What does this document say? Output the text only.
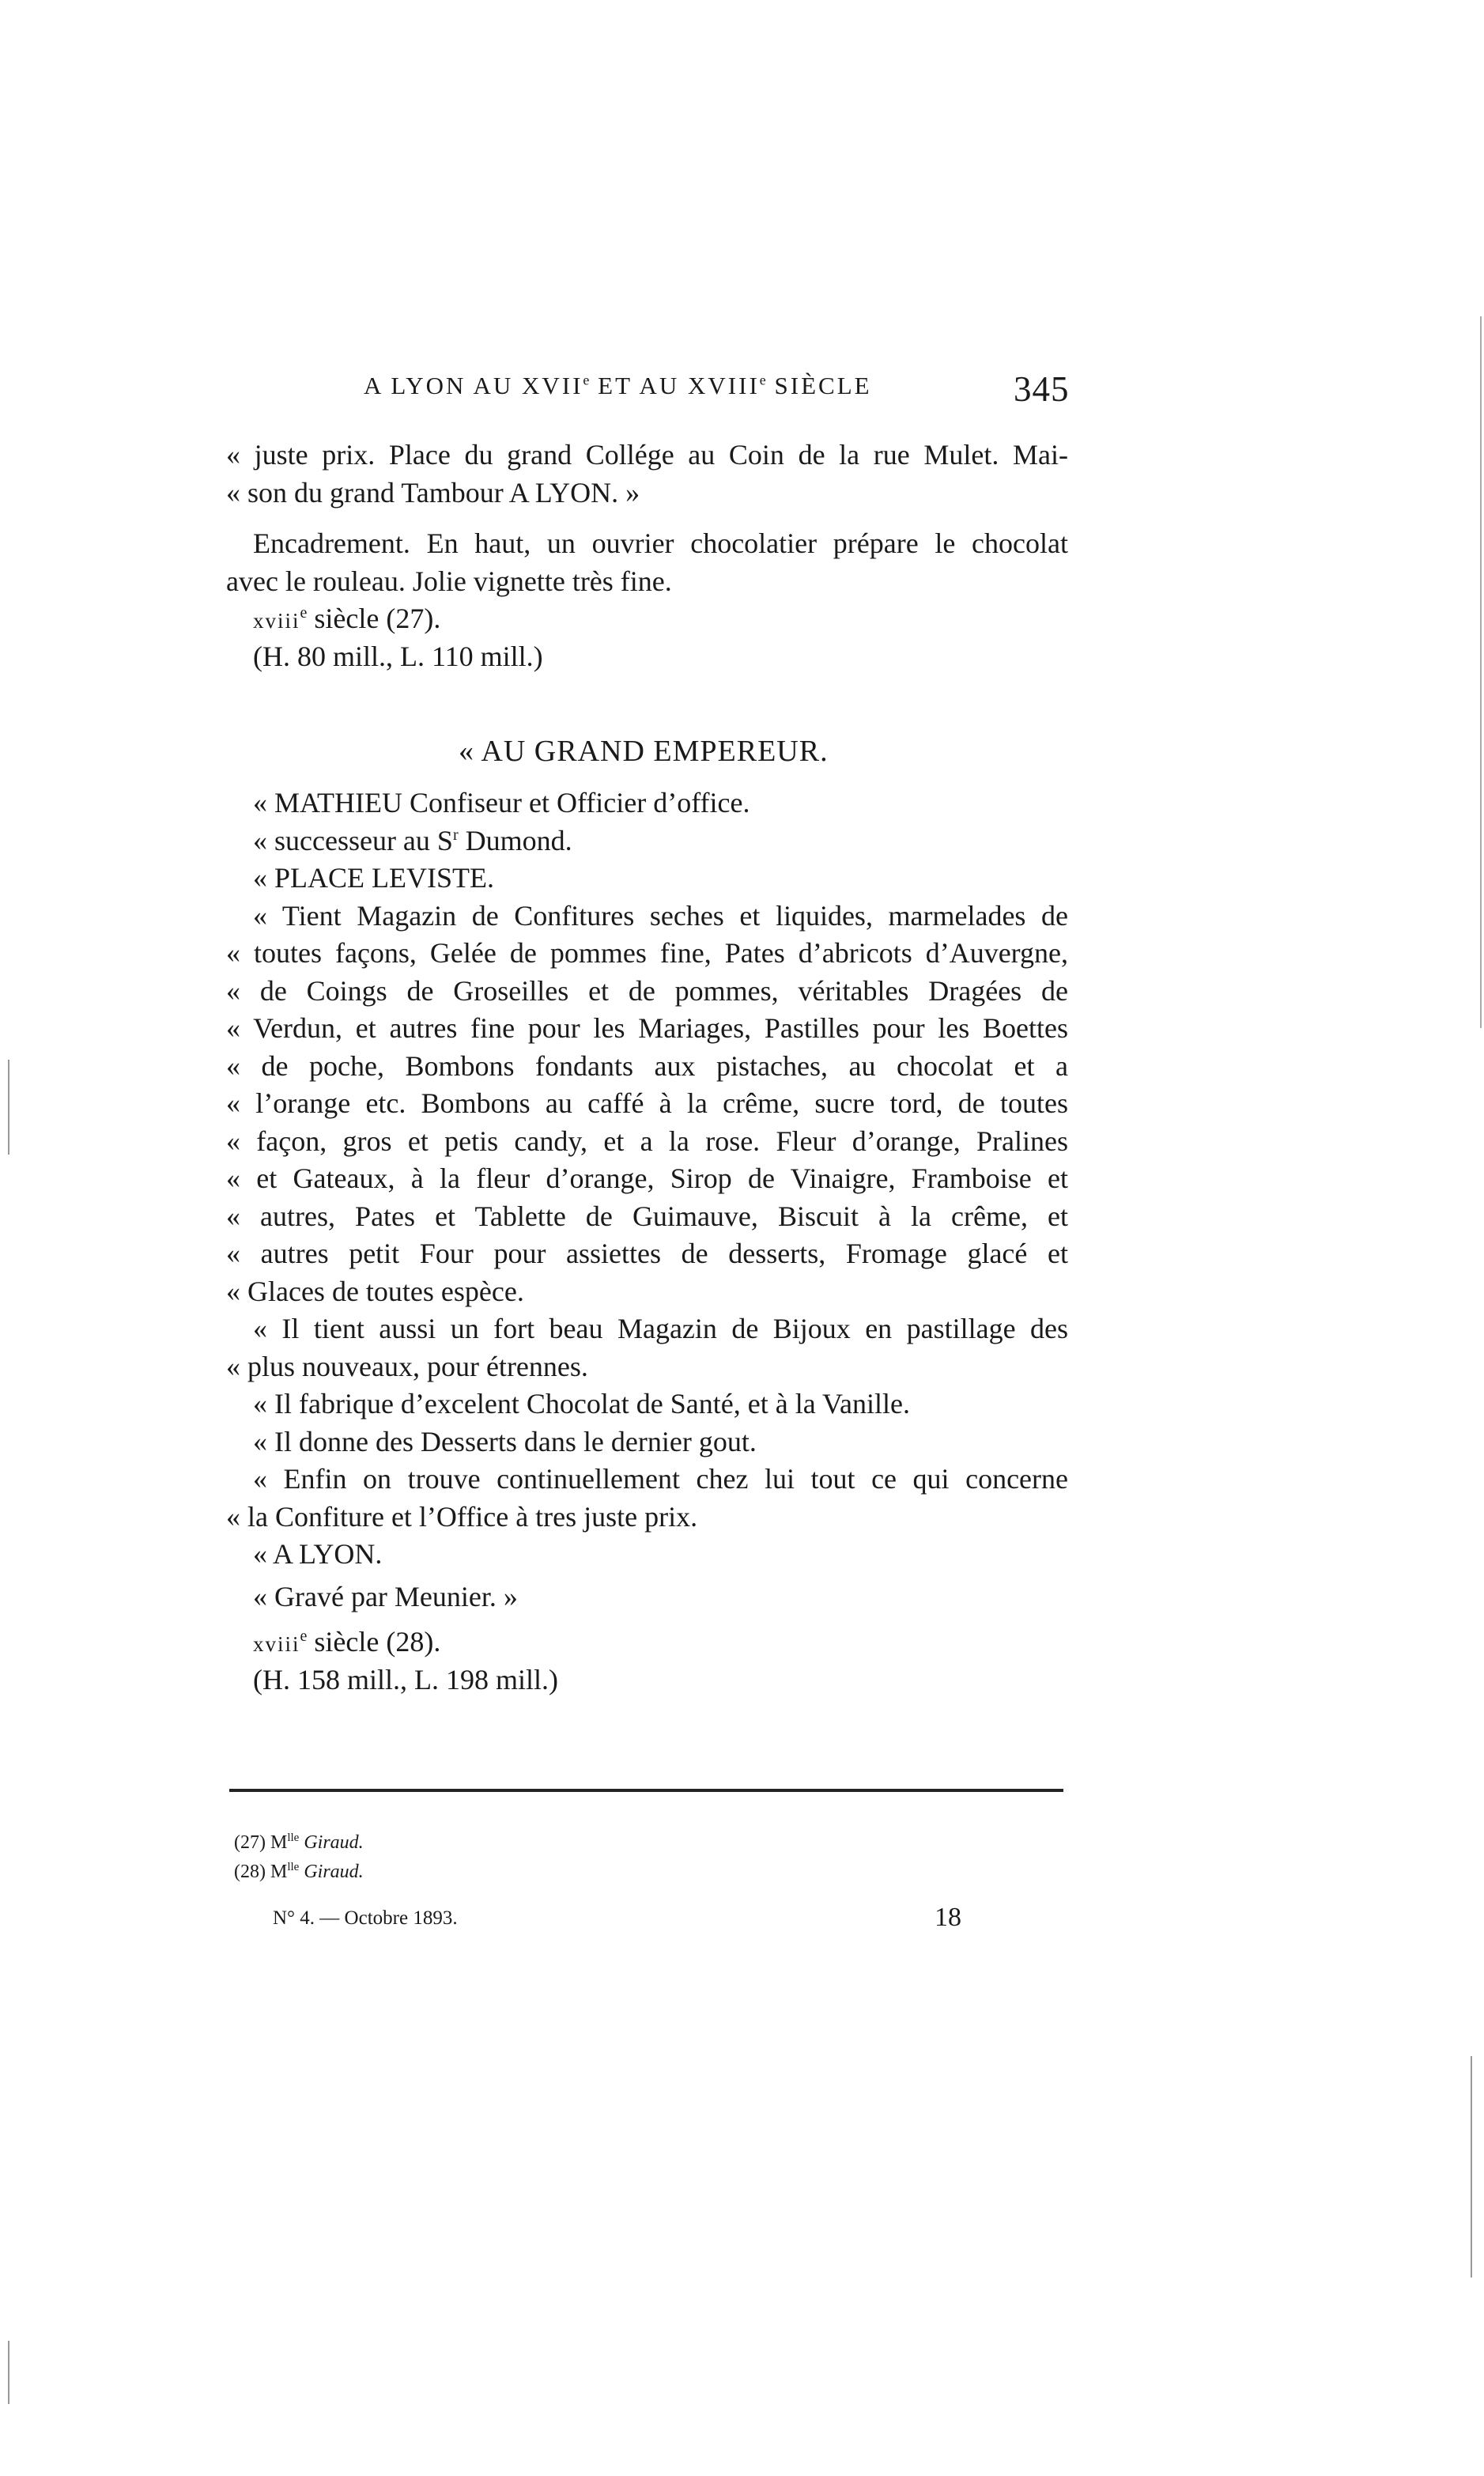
A LYON AU XVIIe ET AU XVIIIe SIÈCLE	345
« juste prix. Place du grand Collége au Coin de la rue Mulet. Mai-
« son du grand Tambour A LYON. »
Encadrement. En haut, un ouvrier chocolatier prépare le chocolat
avec le rouleau. Jolie vignette très fine.
xviii$^e$ siècle (27).
(H. 80 mill., L. 110 mill.)
« AU GRAND EMPEREUR.
« MATHIEU Confiseur et Officier d’office.
« successeur au $S^r$ Dumond.
« PLACE LEVISTE.
« Tient Magazin de Confitures seches et liquides, marmelades de
« toutes façons, Gelée de pommes fine, Pates d’abricots d’Auvergne,
« de Coings de Groseilles et de pommes, véritables Dragées de
« Verdun, et autres fine pour les Mariages, Pastilles pour les Boettes
« de poche, Bombons fondants aux pistaches, au chocolat et a
« l’orange etc. Bombons au caffé à la crême, sucre tord, de toutes
« façon, gros et petis candy, et a la rose. Fleur d’orange, Pralines
« et Gateaux, à la fleur d’orange, Sirop de Vinaigre, Framboise et
« autres, Pates et Tablette de Guimauve, Biscuit à la crême, et
« autres petit Four pour assiettes de desserts, Fromage glacé et
« Glaces de toutes espèce.
« Il tient aussi un fort beau Magazin de Bijoux en pastillage des
« plus nouveaux, pour étrennes.
« Il fabrique d’excelent Chocolat de Santé, et à la Vanille.
« Il donne des Desserts dans le dernier gout.
« Enfin on trouve continuellement chez lui tout ce qui concerne
« la Confiture et l’Office à tres juste prix.
« A LYON.
« Gravé par Meunier. »
xviii$^e$ siècle (28).
(H. 158 mill., L. 198 mill.)
(27) $M^{lle}$ Giraud.
(28) $M^{lle}$ Giraud.
N° 4. — Octobre 1893.	18
